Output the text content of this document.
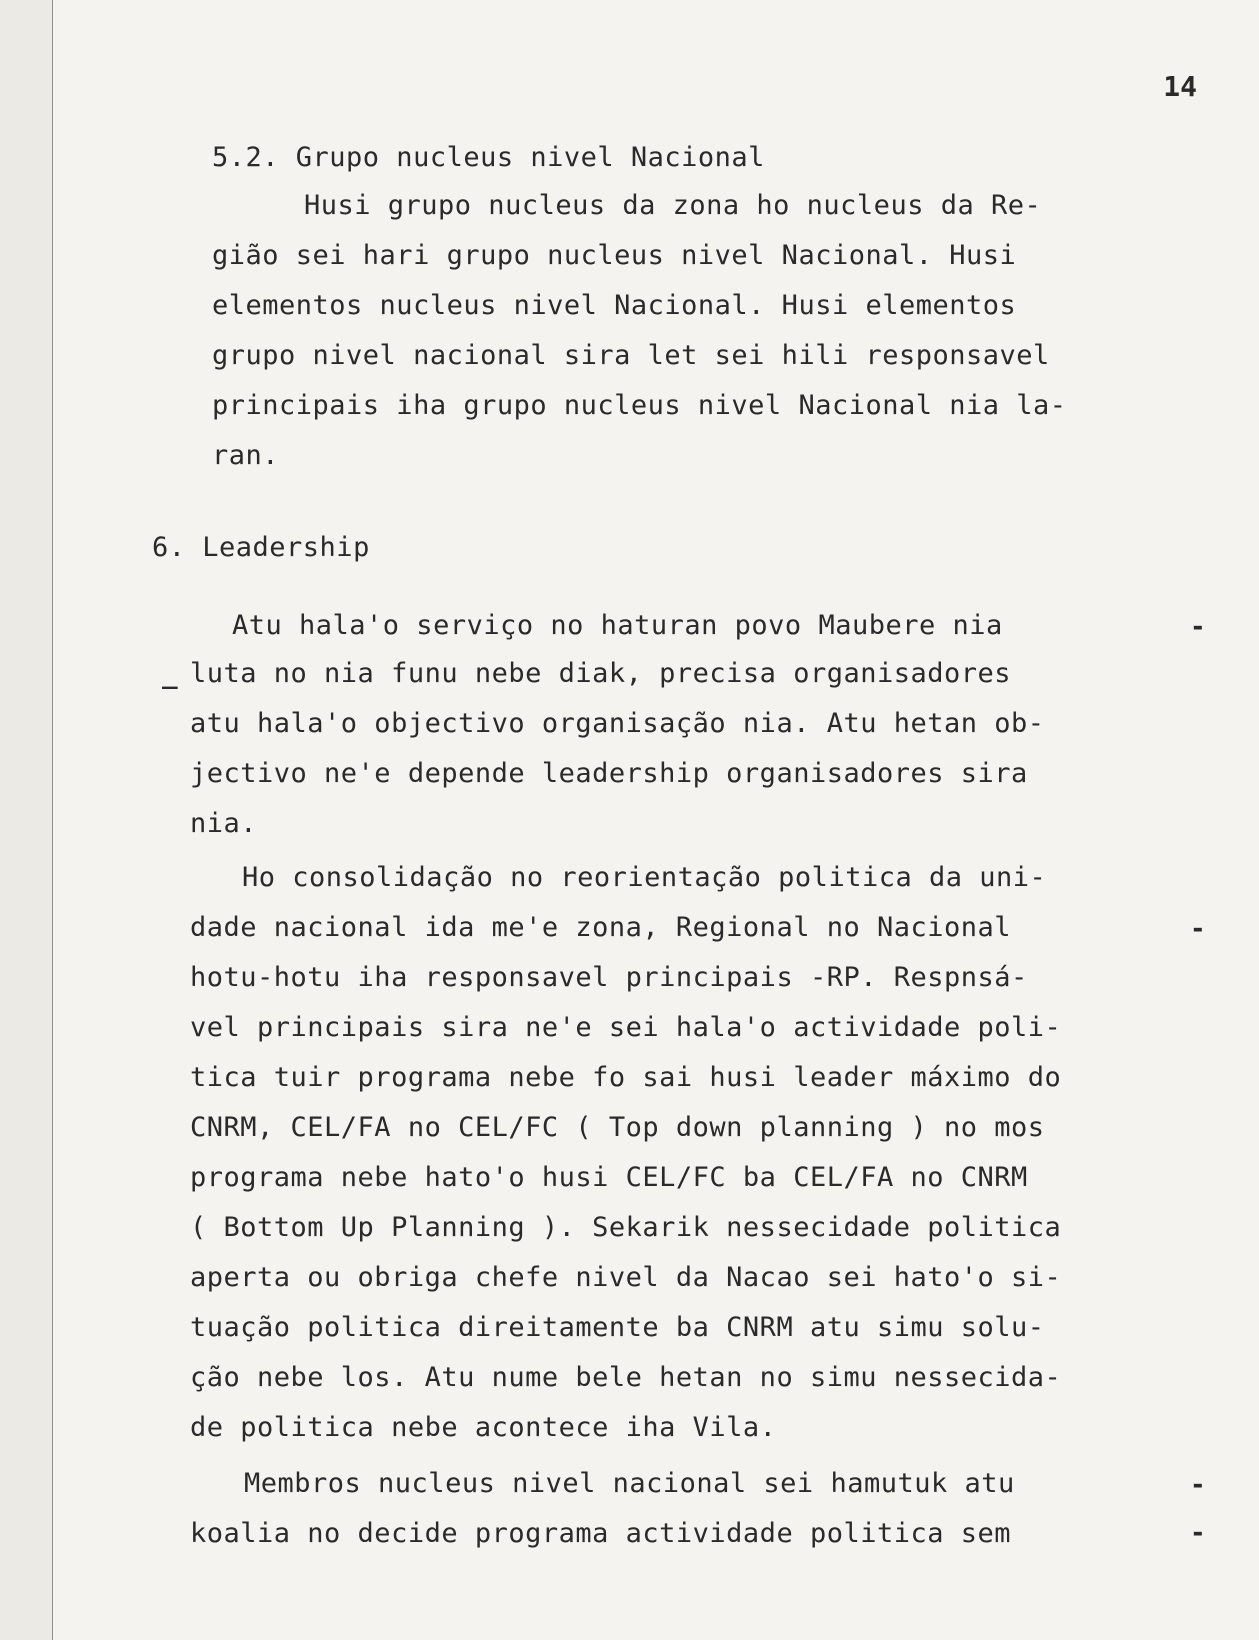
14
5.2. Grupo nucleus nivel Nacional
Husi grupo nucleus da zona ho nucleus da Re-
gião sei hari grupo nucleus nivel Nacional. Husi
elementos nucleus nivel Nacional. Husi elementos
grupo nivel nacional sira let sei hili responsavel
principais iha grupo nucleus nivel Nacional nia la-
ran.
6. Leadership
Atu hala'o serviço no haturan povo Maubere nia
luta no nia funu nebe diak, precisa organisadores
atu hala'o objectivo organisação nia. Atu hetan ob-
jectivo ne'e depende leadership organisadores sira
nia.
Ho consolidação no reorientação politica da uni-
dade nacional ida me'e zona, Regional no Nacional
hotu-hotu iha responsavel principais -RP. Respnsá-
vel principais sira ne'e sei hala'o actividade poli-
tica tuir programa nebe fo sai husi leader máximo do
CNRM, CEL/FA no CEL/FC ( Top down planning ) no mos
programa nebe hato'o husi CEL/FC ba CEL/FA no CNRM
( Bottom Up Planning ). Sekarik nessecidade politica
aperta ou obriga chefe nivel da Nacao sei hato'o si-
tuação politica direitamente ba CNRM atu simu solu-
ção nebe los. Atu nume bele hetan no simu nessecida-
de politica nebe acontece iha Vila.
Membros nucleus nivel nacional sei hamutuk atu
koalia no decide programa actividade politica sem
-
_
-
-
-
